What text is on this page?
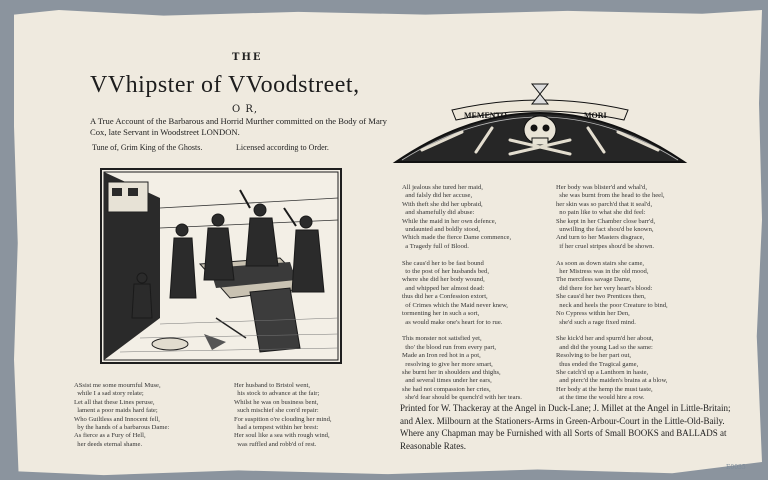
THE
VVhipster of VVoodstreet,
O R,
A True Account of the Barbarous and Horrid Murther committed on the Body of Mary Cox, late Servant in Woodstreet LONDON.
Tune of, Grim King of the Ghosts.	Licensed according to Order.
MEMENTO	MORI
ASsist me some mournful Muse,
while I a sad story relate;
Let all that these Lines peruse,
lament a poor maids hard fate;
Who Guiltless and Innocent fell,
by the hands of a barbarous Dame:
As fierce as a Fury of Hell,
her deeds eternal shame.
Her husband to Bristol went,
his stock to advance at the fair;
Whilst he was on business bent,
such mischief she con'd repair:
For suspition o're clouding her mind,
had a tempest within her brest:
Her soul like a sea with rough wind,
was ruffled and robb'd of rest.
All jealous she tured her maid,
and falsly did her accuse,
With theft she did her upbraid,
and shamefully did abuse:
While the maid in her own defence,
undaunted and boldly stood,
Which made the fierce Dame commence,
a Tragedy full of Blood.

She caus'd her to be fast bound
to the post of her husbands bed,
where she did her body wound,
and whipped her almost dead:
thus did her a Confession extort,
of Crimes which the Maid never knew,
tormenting her in such a sort,
as would make one's heart for to rue.

This monster not satisfied yet,
tho' the blood run from every part,
Made an Iron red hot in a pot,
resolving to give her more smart,
she burnt her in shoulders and thighs,
and several times under her ears,
she had not compassion her cries,
she'd fear should be quench'd with her tears.
Her body was blister'd and whal'd,
she was burnt from the head to the heel,
her skin was so parch'd that it seal'd,
no pain like to what she did feel:
She kept in her Chamber close barr'd,
unwilling the fact shou'd be known,
And turn to her Masters disgrace,
if her cruel stripes shou'd be shown.

As soon as down stairs she came,
her Mistress was in the old mood,
The merciless savage Dame,
did there for her very heart's blood:
She caus'd her two Prentices then,
neck and heels the poor Creature to bind,
No Cypress within her Den,
she'd such a rage fixed mind.

She kick'd her and spurn'd her about,
and did the young Lad so the same:
Resolving to be her part out,
thus ended the Tragical game,
She catch'd up a Lanthorn in haste,
and pierc'd the maiden's brains at a blow,
Her body at the hemp the must taste,
at the time the would hire a row.
Printed for W. Thackeray at the Angel in Duck-Lane; J. Millet at the Angel in Little-Britain; and Alex. Milbourn at the Stationers-Arms in Green-Arbour-Court in the Little-Old-Baily. Where any Chapman may be Furnished with all Sorts of Small BOOKS and BALLADS at Reasonable Rates.
E0035
